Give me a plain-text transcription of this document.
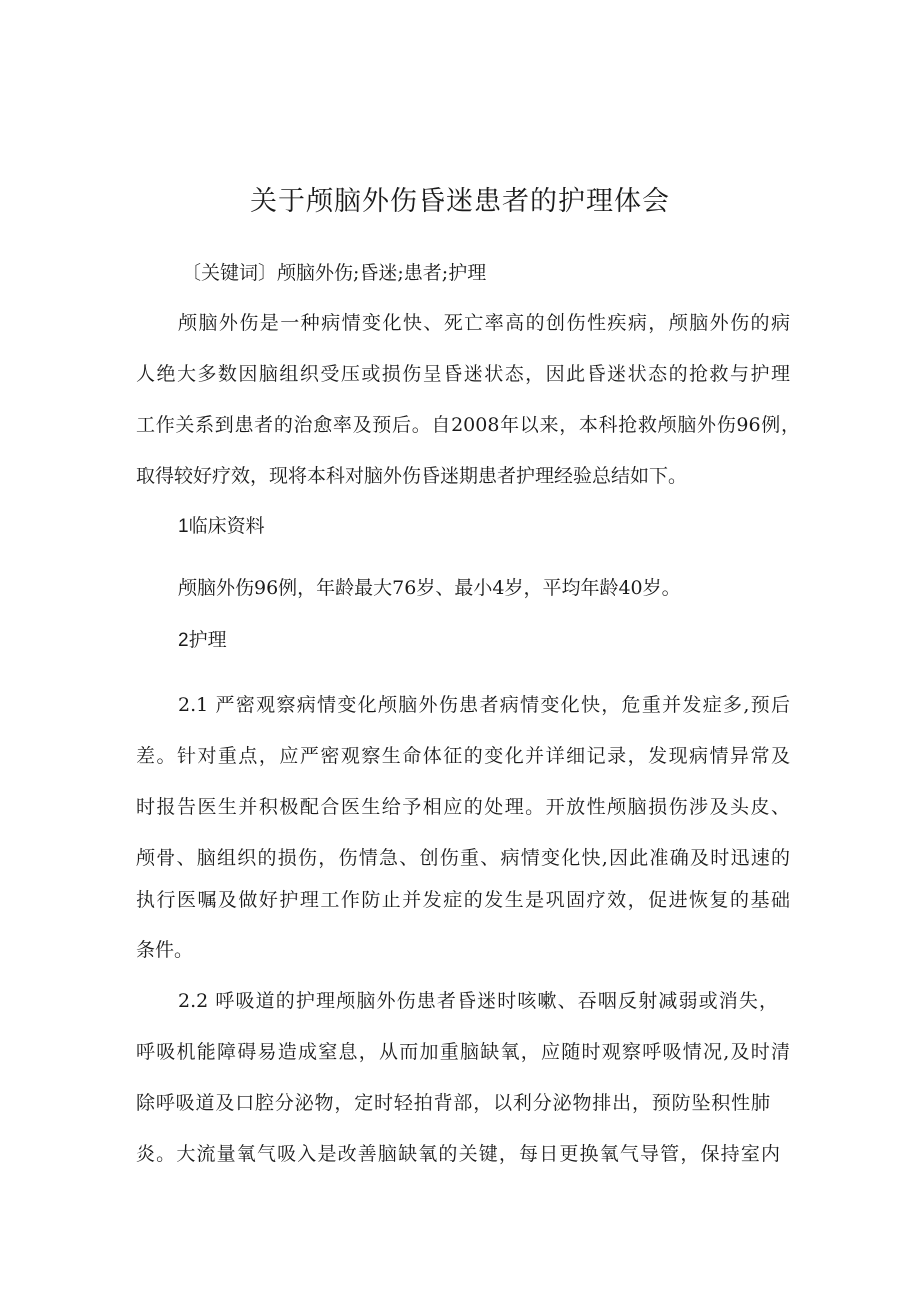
关于颅脑外伤昏迷患者的护理体会
〔关键词〕颅脑外伤;昏迷;患者;护理
颅脑外伤是一种病情变化快、死亡率高的创伤性疾病，颅脑外伤的病
人绝大多数因脑组织受压或损伤呈昏迷状态，因此昏迷状态的抢救与护理
工作关系到患者的治愈率及预后。自2008年以来，本科抢救颅脑外伤96例，
取得较好疗效，现将本科对脑外伤昏迷期患者护理经验总结如下。
1临床资料
颅脑外伤96例，年龄最大76岁、最小4岁，平均年龄40岁。
2护理
2.1 严密观察病情变化颅脑外伤患者病情变化快，危重并发症多,预后
差。针对重点，应严密观察生命体征的变化并详细记录，发现病情异常及
时报告医生并积极配合医生给予相应的处理。开放性颅脑损伤涉及头皮、
颅骨、脑组织的损伤，伤情急、创伤重、病情变化快,因此准确及时迅速的
执行医嘱及做好护理工作防止并发症的发生是巩固疗效，促进恢复的基础
条件。
2.2 呼吸道的护理颅脑外伤患者昏迷时咳嗽、吞咽反射减弱或消失，
呼吸机能障碍易造成窒息，从而加重脑缺氧，应随时观察呼吸情况,及时清
除呼吸道及口腔分泌物，定时轻拍背部，以利分泌物排出，预防坠积性肺
炎。大流量氧气吸入是改善脑缺氧的关键，每日更换氧气导管，保持室内
